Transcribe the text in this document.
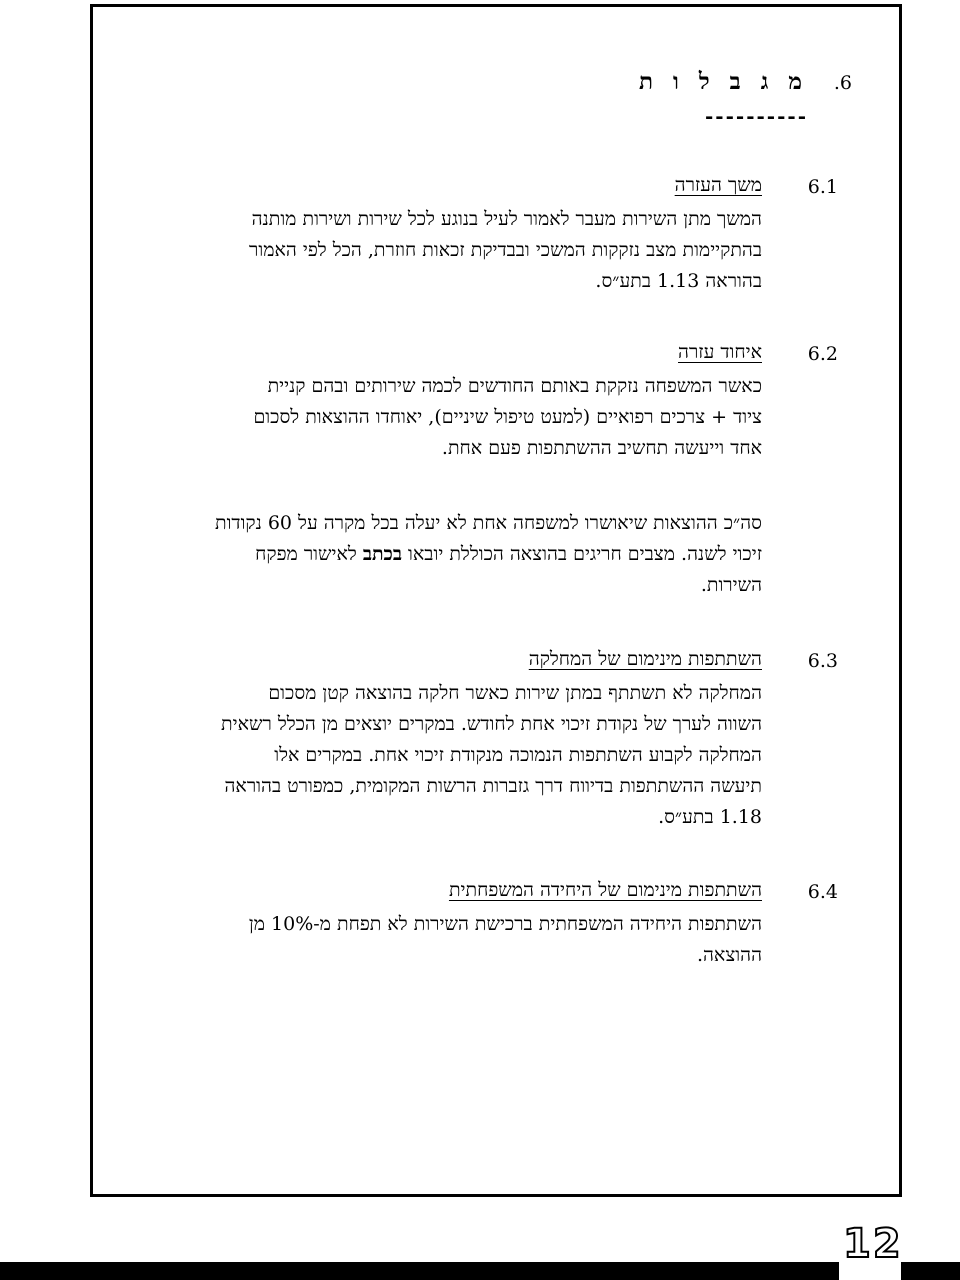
.6
מ ג ב ל ו ת
----------
6.1
משך העזרה
המשך מתן השירות מעבר לאמור לעיל בנוגע לכל שירות ושירות מותנה
בהתקיימות מצב נזקקות המשכי ובבדיקת זכאות חוזרת, הכל לפי האמור
בהוראה 1.13 בתע״ס.
6.2
איחוד עזרה
כאשר המשפחה נזקקת באותם החודשים לכמה שירותים ובהם קניית
ציוד + צרכים רפואיים (למעט טיפול שיניים), יאוחדו ההוצאות לסכום
אחד וייעשה תחשיב ההשתתפות פעם אחת.
סה״כ ההוצאות שיאושרו למשפחה אחת לא יעלה בכל מקרה על 60 נקודות
זיכוי לשנה. מצבים חריגים בהוצאה הכוללת יובאו בכתב לאישור מפקח
השירות.
6.3
השתתפות מינימום של המחלקה
המחלקה לא תשתתף במתן שירות כאשר חלקה בהוצאה קטן מסכום
השווה לערך של נקודת זיכוי אחת לחודש. במקרים יוצאים מן הכלל רשאית
המחלקה לקבוע השתתפות הנמוכה מנקודת זיכוי אחת. במקרים אלו
תיעשה ההשתתפות בדיווח דרך גזברות הרשות המקומית, כמפורט בהוראה
1.18 בתע״ס.
6.4
השתתפות מינימום של היחידה המשפחתית
השתתפות היחידה המשפחתית ברכישת השירות לא תפחת מ-10% מן
ההוצאה.
12
